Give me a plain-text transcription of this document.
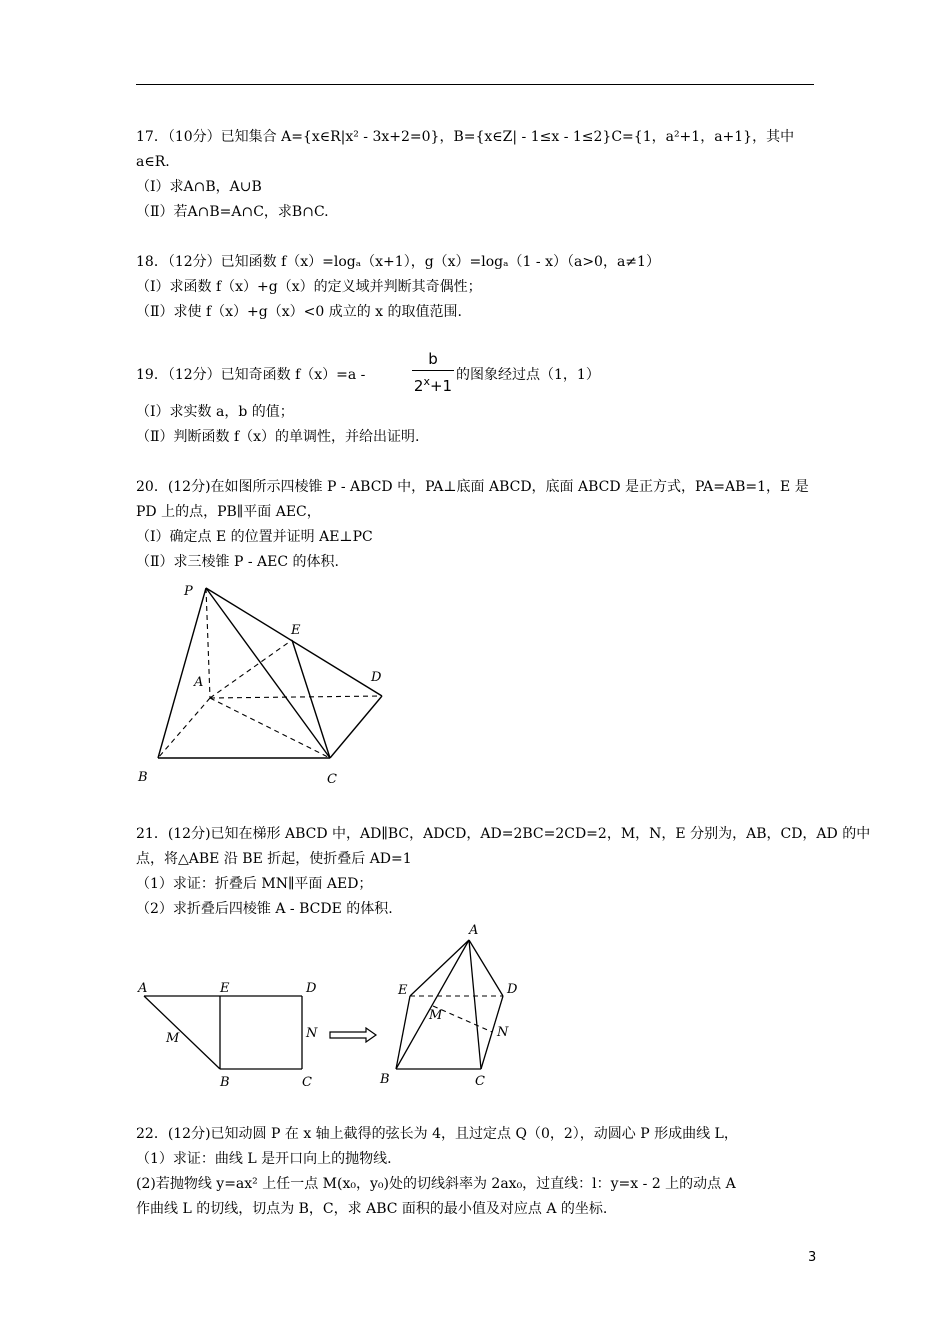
17．（10分）已知集合 A={x∈R|x² - 3x+2=0}，B={x∈Z| - 1≤x - 1≤2}C={1，a²+1，a+1}，其中
a∈R.
（Ⅰ）求A∩B，A∪B
（Ⅱ）若A∩B=A∩C，求B∩C.
18．（12分）已知函数 f（x）=logₐ（x+1），g（x）=logₐ（1 - x）（a>0，a≠1）
（Ⅰ）求函数 f（x）+g（x）的定义域并判断其奇偶性；
（Ⅱ）求使 f（x）+g（x）<0 成立的 x 的取值范围.
19．（12分）已知奇函数 f（x）=a -
b
$2^x+1$
的图象经过点（1，1）
（Ⅰ）求实数 a，b 的值；
（Ⅱ）判断函数 f（x）的单调性，并给出证明.
20．(12分)在如图所示四棱锥 P - ABCD 中，PA⊥底面 ABCD，底面 ABCD 是正方式，PA=AB=1，E 是
PD 上的点，PB∥平面 AEC，
（Ⅰ）确定点 E 的位置并证明 AE⊥PC
（Ⅱ）求三棱锥 P - AEC 的体积.
P
E
A	D
B	C
21．(12分)已知在梯形 ABCD 中，AD∥BC，ADCD，AD=2BC=2CD=2，M，N，E 分别为，AB，CD，AD 的中
点，将△ABE 沿 BE 折起，使折叠后 AD=1
（1）求证：折叠后 MN∥平面 AED；
（2）求折叠后四棱锥 A - BCDE 的体积.
A	E	D
M	N
B	C
A
E	D
M
N
B	C
22．(12分)已知动圆 P 在 x 轴上截得的弦长为 4，且过定点 Q（0，2），动圆心 P 形成曲线 L，
（1）求证：曲线 L 是开口向上的抛物线.
(2)若抛物线 y=ax² 上任一点 M(x₀，y₀)处的切线斜率为 2ax₀，过直线：l：y=x - 2 上的动点 A
作曲线 L 的切线，切点为 B，C，求 ABC 面积的最小值及对应点 A 的坐标.
3
